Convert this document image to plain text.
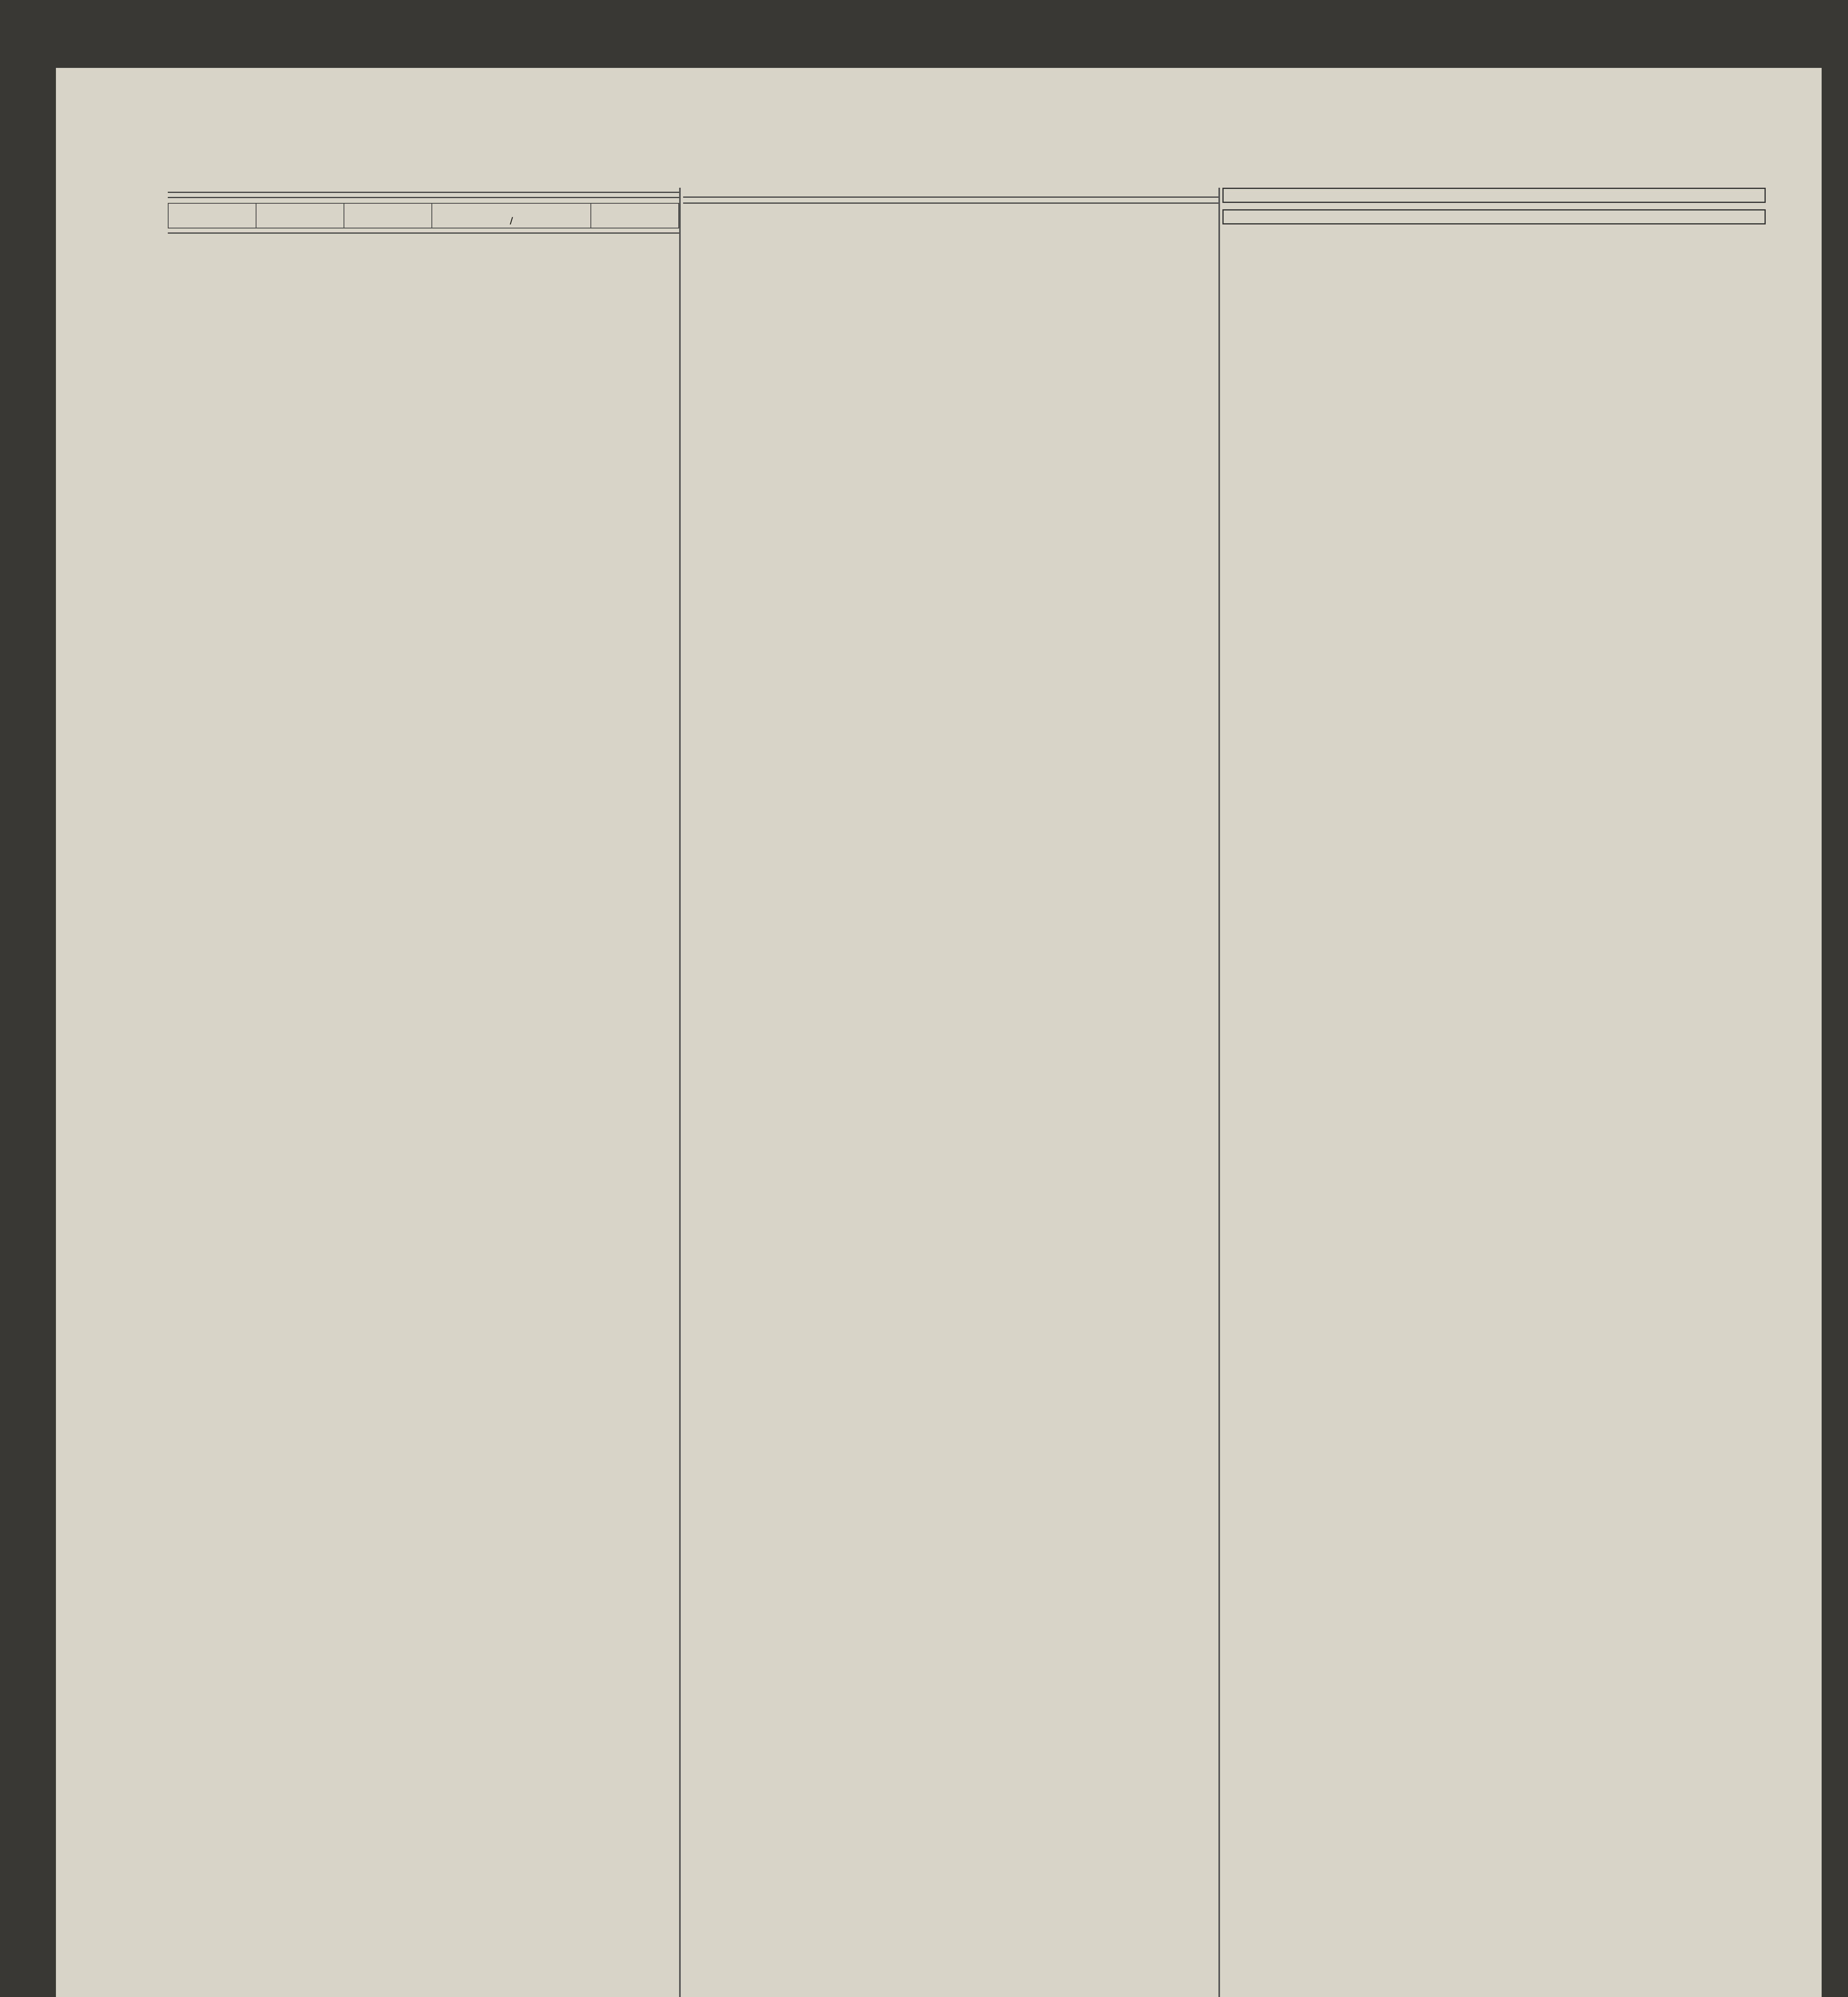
/	
